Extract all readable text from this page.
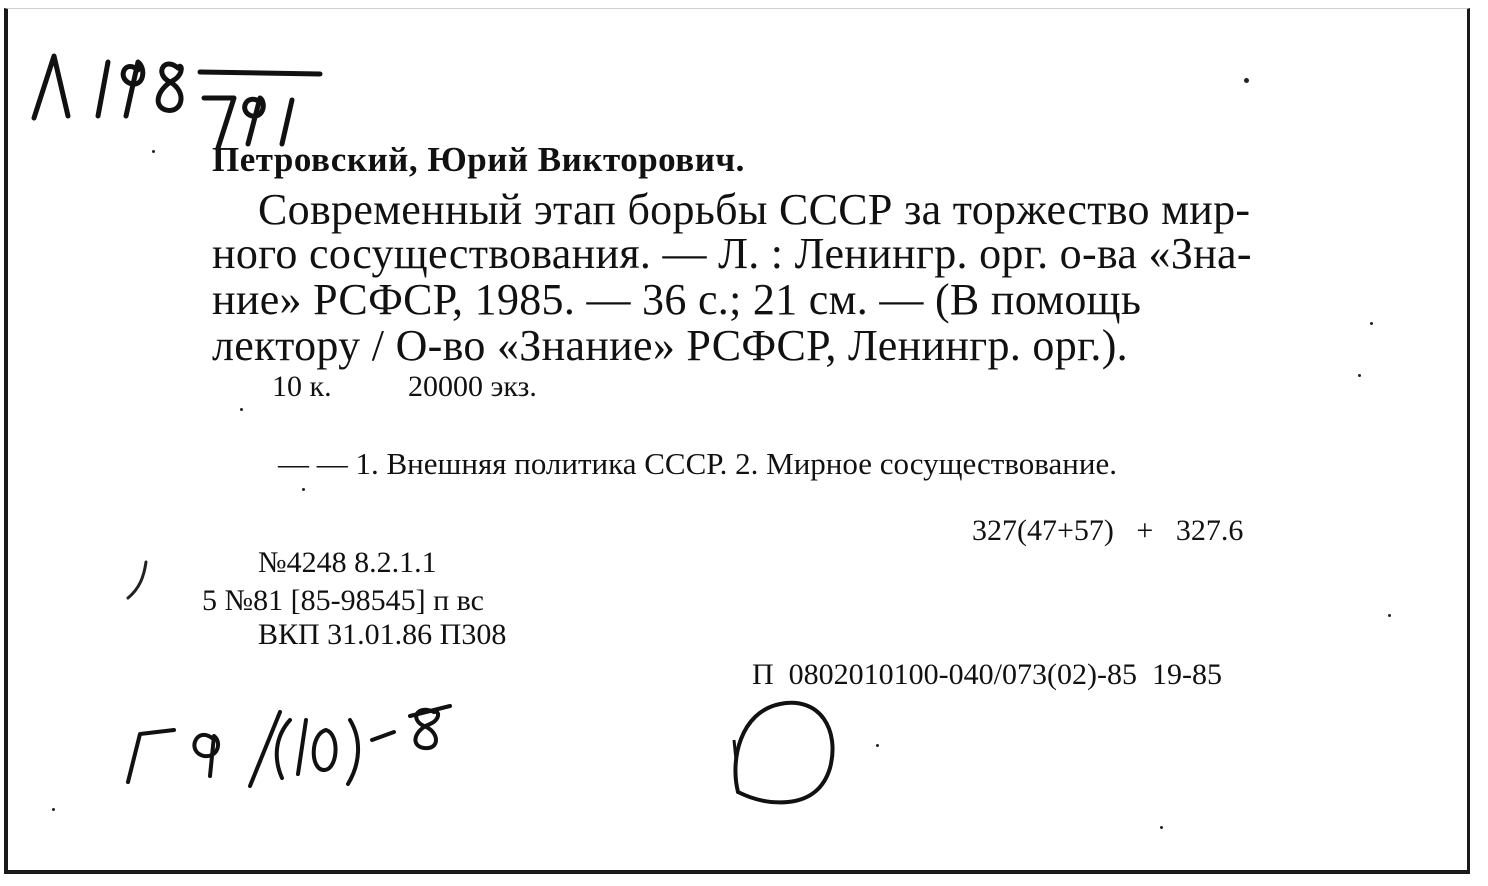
Петровский, Юрий Викторович.
Современный этап борьбы СССР за торжество мир-
ного сосуществования. — Л. : Ленингр. орг. о-ва «Зна-
ние» РСФСР, 1985. — 36 с.; 21 см. — (В помощь
лектору / О-во «Знание» РСФСР, Ленингр. орг.).
10 к.	20000 экз.
— — 1. Внешняя политика СССР. 2. Мирное сосуществование.
327(47+57)   +   327.6
№4248 8.2.1.1
5 №81 [85-98545] п вс
ВКП 31.01.86 П308
П  0802010100-040/073(02)-85  19-85
